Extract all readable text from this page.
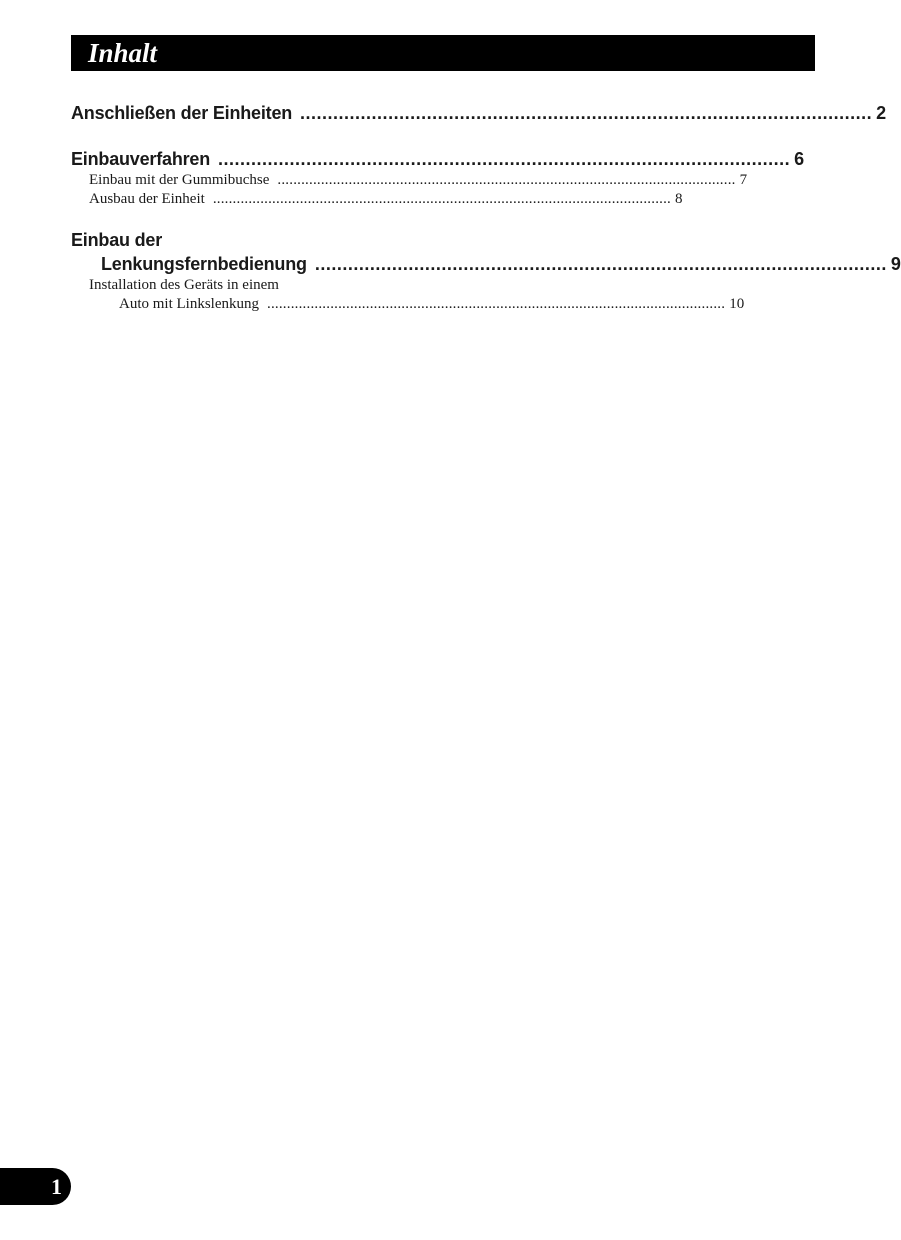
Inhalt
Anschließen der Einheiten ........................................................................................................ 2
Einbauverfahren ........................................................................................................ 6
Einbau mit der Gummibuchse .................................................................................................................... 7
Ausbau der Einheit .................................................................................................................... 8
Einbau der
Lenkungsfernbedienung ........................................................................................................ 9
Installation des Geräts in einem
Auto mit Linkslenkung .................................................................................................................... 10
1
